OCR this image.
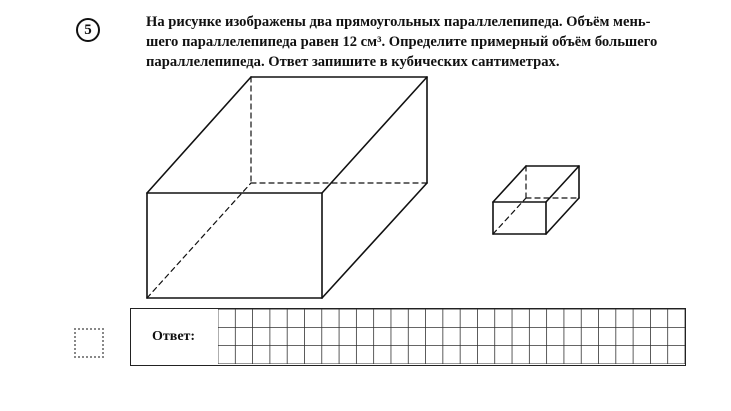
5	На рисунке изображены два прямоугольных параллелепипеда. Объём мень-
шего параллелепипеда равен 12 см³. Определите примерный объём большего
параллелепипеда. Ответ запишите в кубических сантиметрах.

Ответ:
